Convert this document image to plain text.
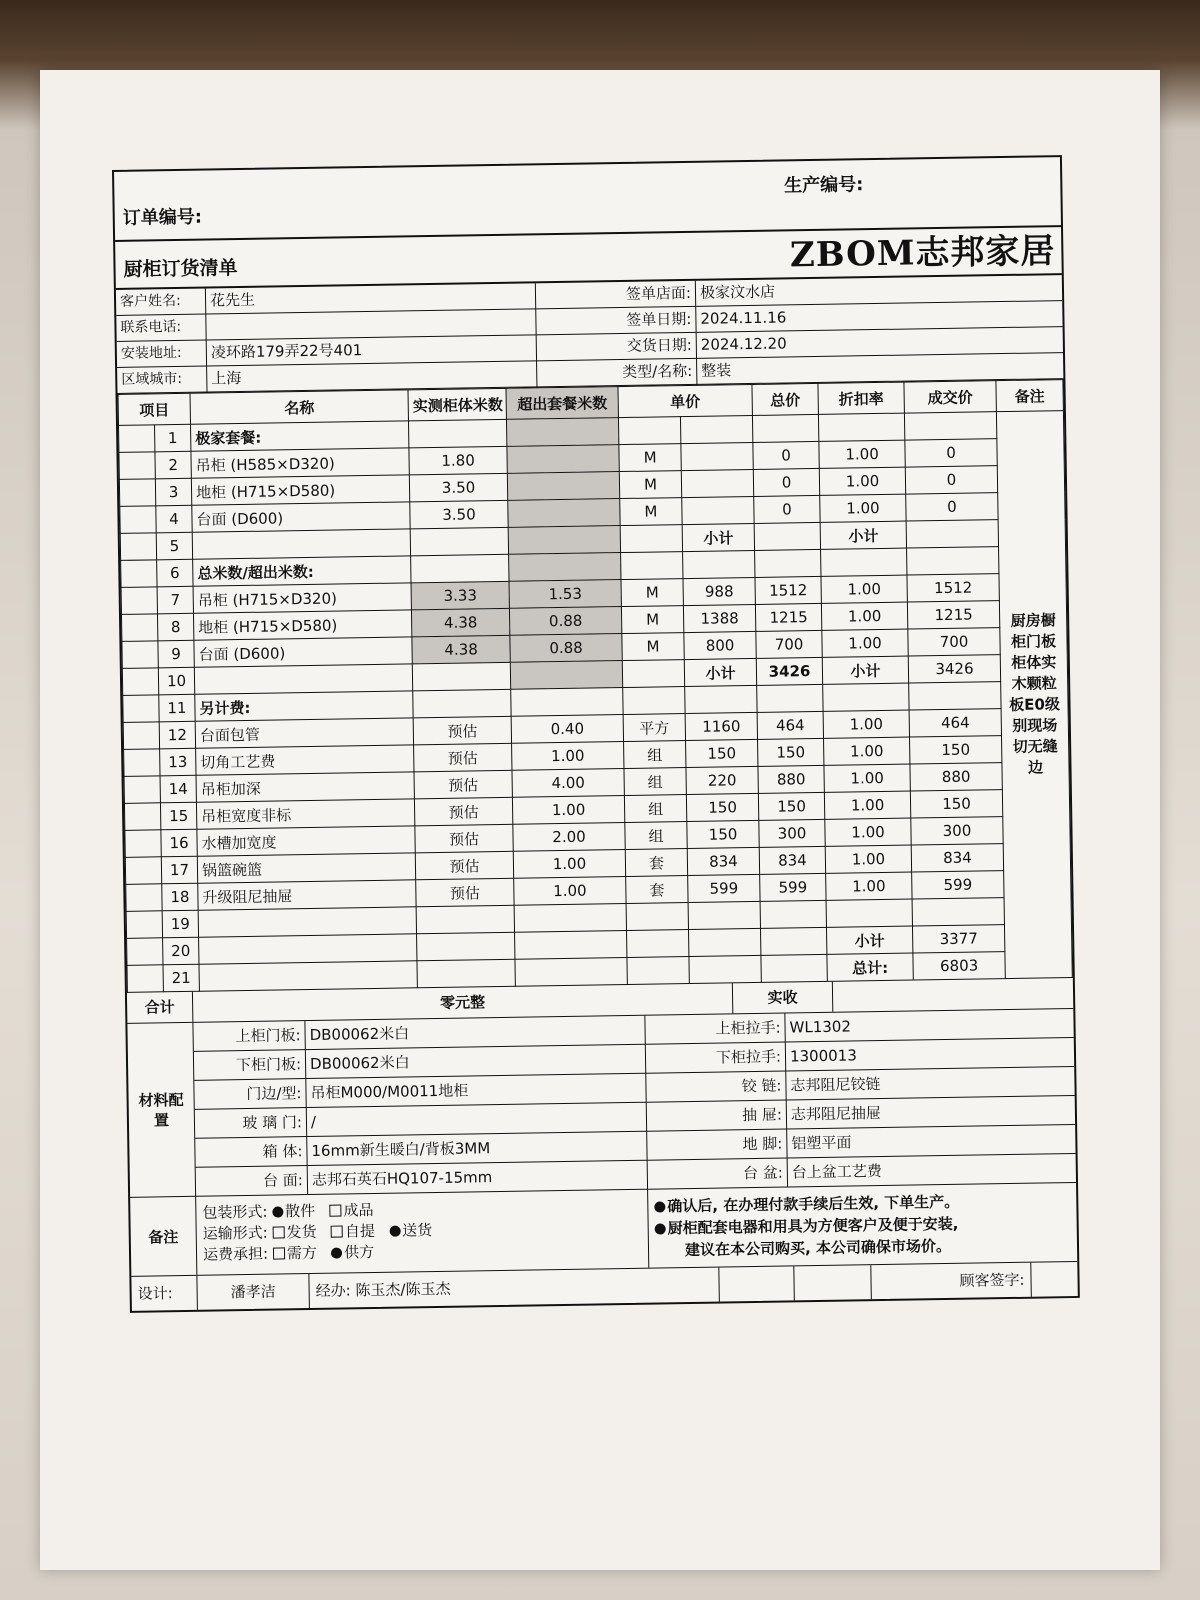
订单编号:
生产编号:
厨柜订货清单	ZBOM志邦家居
客户姓名:	花先生	签单店面: 极家汶水店
联系电话:	签单日期: 2024.11.16
安装地址:	凌环路179弄22号401	交货日期: 2024.12.20
区域城市:	上海	类型/名称: 整装
项目		名称	实测柜体米数	超出套餐米数	单价		总价	折扣率	成交价	备注
	1	极家套餐:								厨房橱柜门板柜体实木颗粒板E0级别现场切无缝边
	2	吊柜 (H585×D320)	1.80		M		0	1.00	0	
	3	地柜 (H715×D580)	3.50		M		0	1.00	0	
	4	台面 (D600)	3.50		M		0	1.00	0	
	5					小计		小计		
	6	总米数/超出米数:								
	7	吊柜 (H715×D320)	3.33	1.53	M	988	1512	1.00	1512	
	8	地柜 (H715×D580)	4.38	0.88	M	1388	1215	1.00	1215	
	9	台面 (D600)	4.38	0.88	M	800	700	1.00	700	
	10					小计	3426	小计	3426	
	11	另计费:								
	12	台面包管	预估	0.40	平方	1160	464	1.00	464	
	13	切角工艺费	预估	1.00	组	150	150	1.00	150	
	14	吊柜加深	预估	4.00	组	220	880	1.00	880	
	15	吊柜宽度非标	预估	1.00	组	150	150	1.00	150	
	16	水槽加宽度	预估	2.00	组	150	300	1.00	300	
	17	锅篮碗篮	预估	1.00	套	834	834	1.00	834	
	18	升级阻尼抽屉	预估	1.00	套	599	599	1.00	599	
	19									
	20							小计	3377	
	21							总计:	6803	
合计	零元整	实收
材料配置
上柜门板: DB00062米白	上柜拉手: WL1302
下柜门板: DB00062米白	下柜拉手: 1300013
门边/型: 吊柜M000/M0011地柜	铰 链: 志邦阻尼铰链
玻 璃 门: /	抽 屉: 志邦阻尼抽屉
箱 体: 16mm新生暖白/背板3MM	地 脚: 铝塑平面
台 面: 志邦石英石HQ107-15mm	台 盆: 台上盆工艺费
备注
包装形式: 散件 成品
运输形式: 发货 自提 送货
运费承担: 需方 供方
确认后, 在办理付款手续后生效, 下单生产。
厨柜配套电器和用具为方便客户及便于安装,
建议在本公司购买, 本公司确保市场价。
设计:	潘孝洁	经办: 陈玉杰/陈玉杰	顾客签字:
